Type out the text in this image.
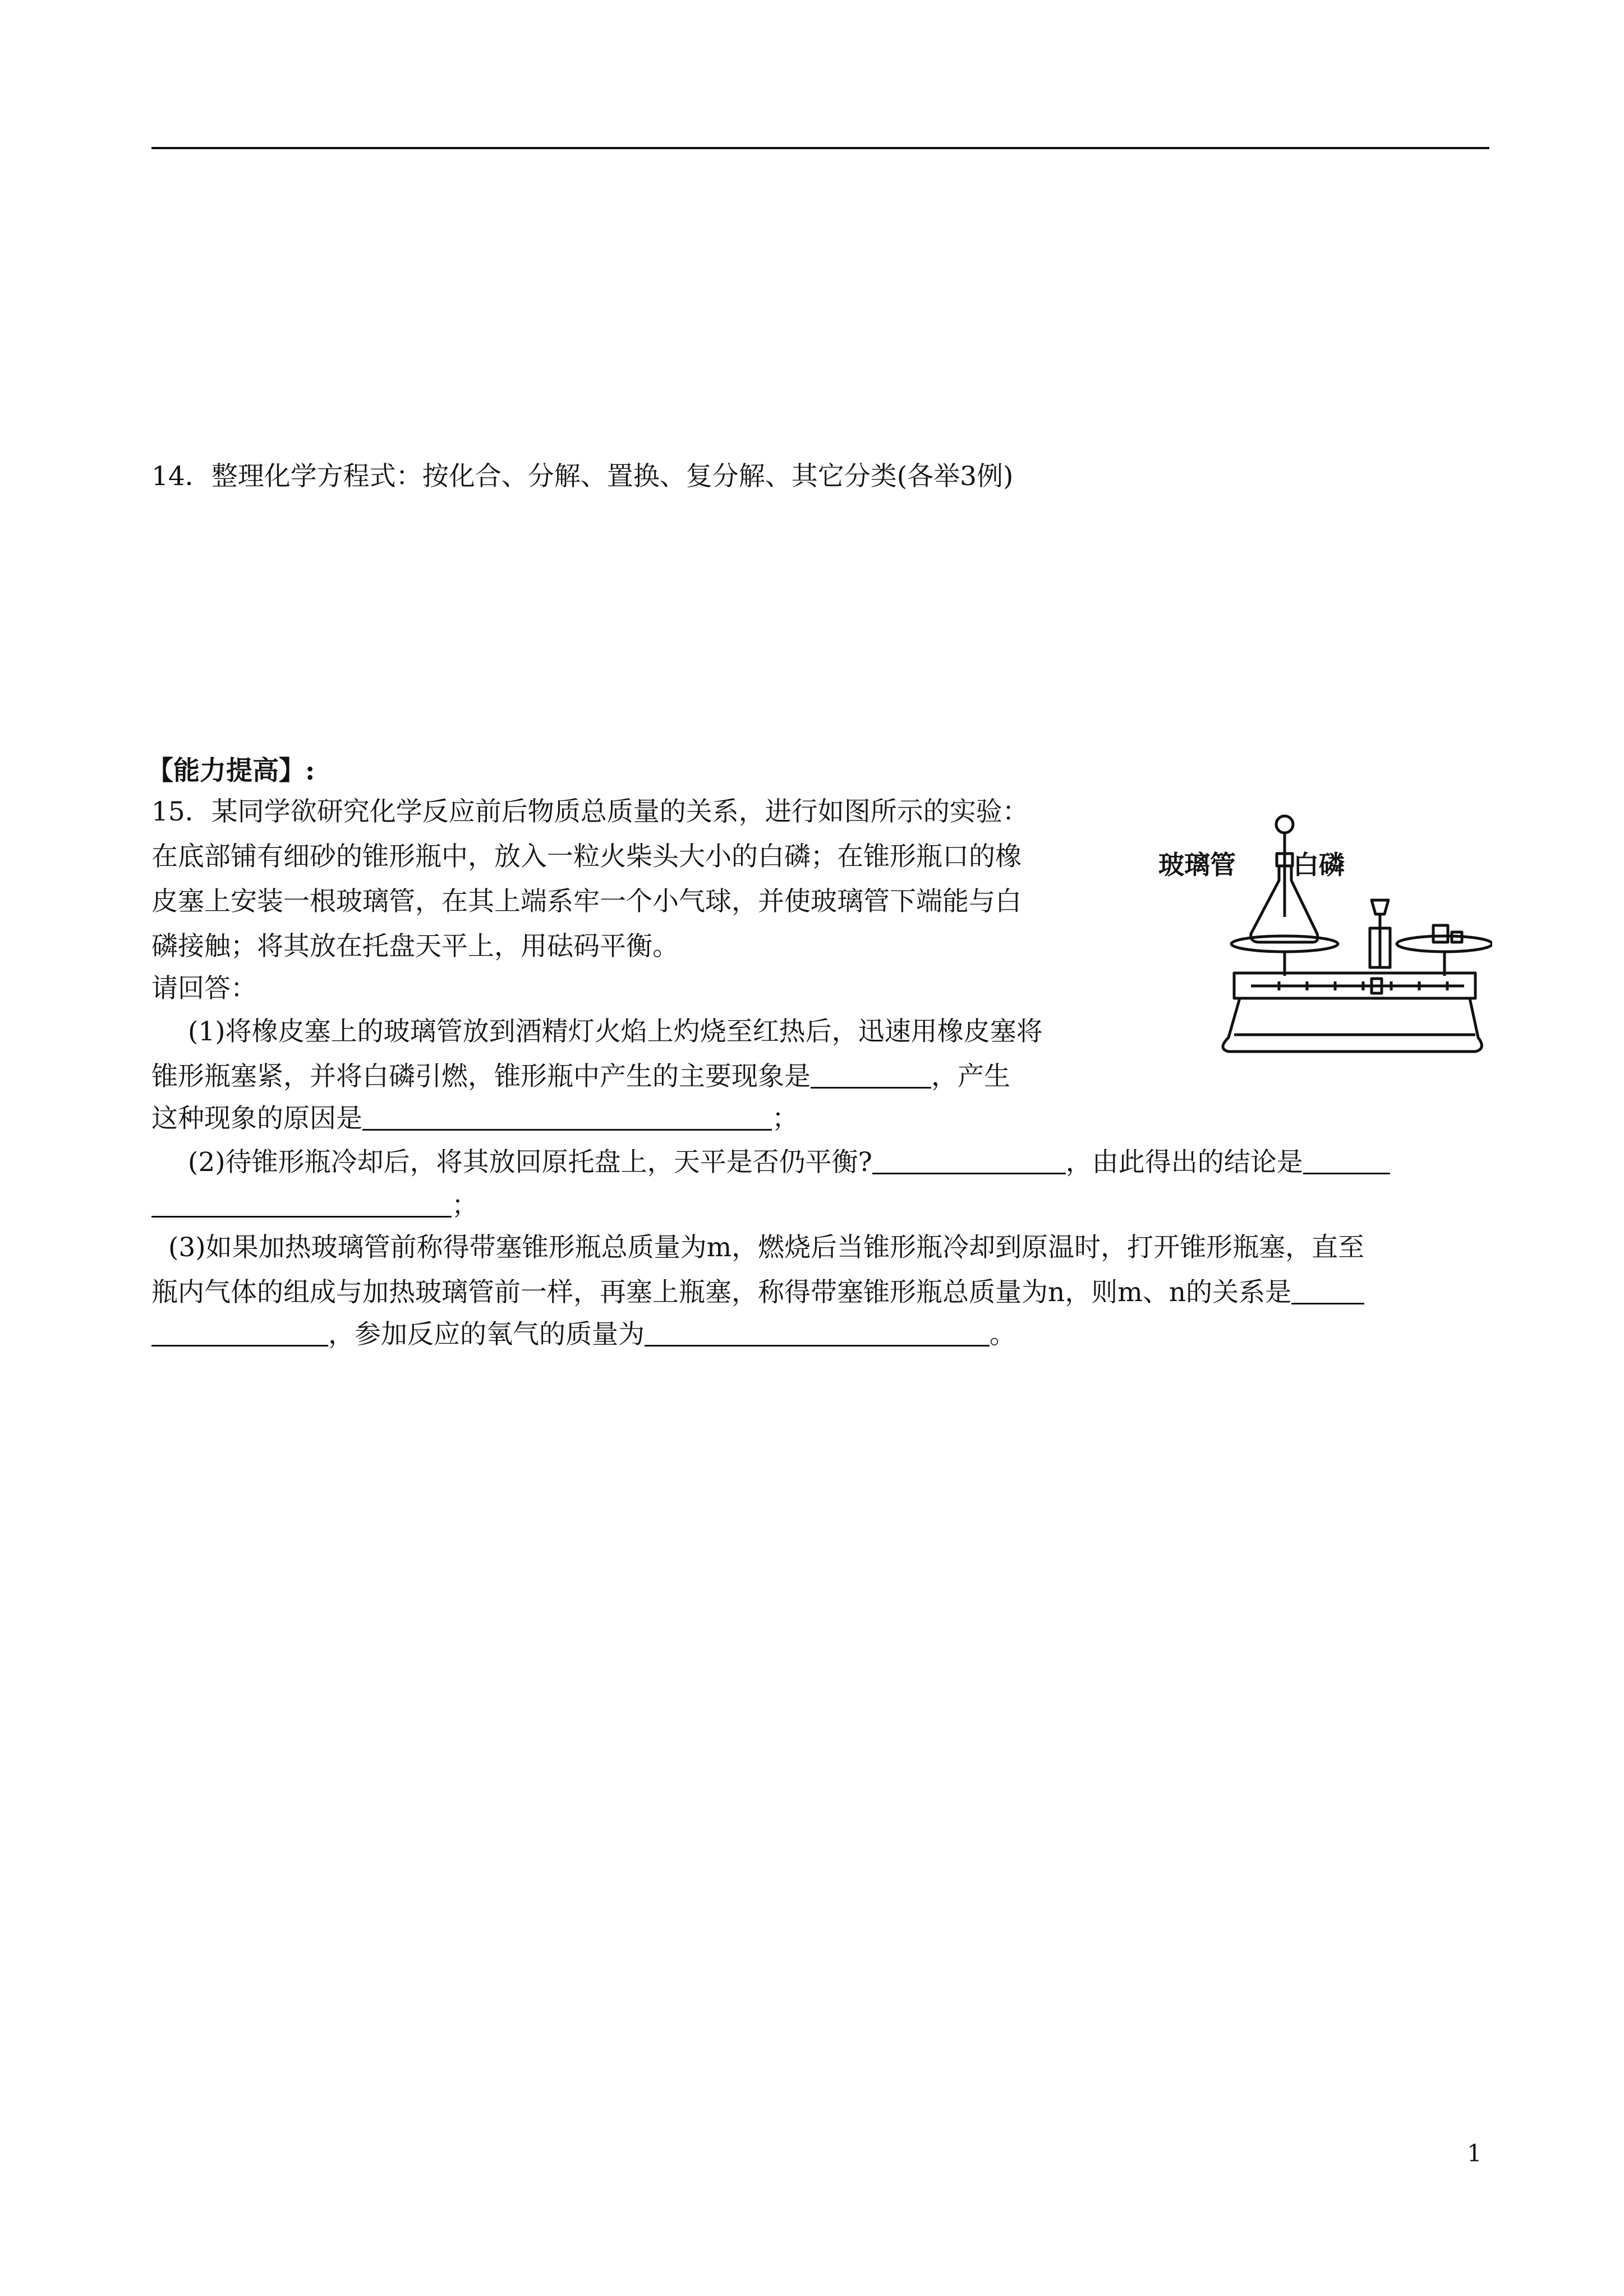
14．整理化学方程式：按化合、分解、置换、复分解、其它分类(各举3例)
【能力提高】:
15．某同学欲研究化学反应前后物质总质量的关系，进行如图所示的实验：
在底部铺有细砂的锥形瓶中，放入一粒火柴头大小的白磷；在锥形瓶口的橡
皮塞上安装一根玻璃管，在其上端系牢一个小气球，并使玻璃管下端能与白
磷接触；将其放在托盘天平上，用砝码平衡。
请回答：
(1)将橡皮塞上的玻璃管放到酒精灯火焰上灼烧至红热后，迅速用橡皮塞将
锥形瓶塞紧，并将白磷引燃，锥形瓶中产生的主要现象是	，产生
这种现象的原因是	；
(2)待锥形瓶冷却后，将其放回原托盘上，天平是否仍平衡?	，由此得出的结论是
；
(3)如果加热玻璃管前称得带塞锥形瓶总质量为m，燃烧后当锥形瓶冷却到原温时，打开锥形瓶塞，直至
瓶内气体的组成与加热玻璃管前一样，再塞上瓶塞，称得带塞锥形瓶总质量为n，则m、n的关系是
，参加反应的氧气的质量为	。
玻璃管 白磷
1
